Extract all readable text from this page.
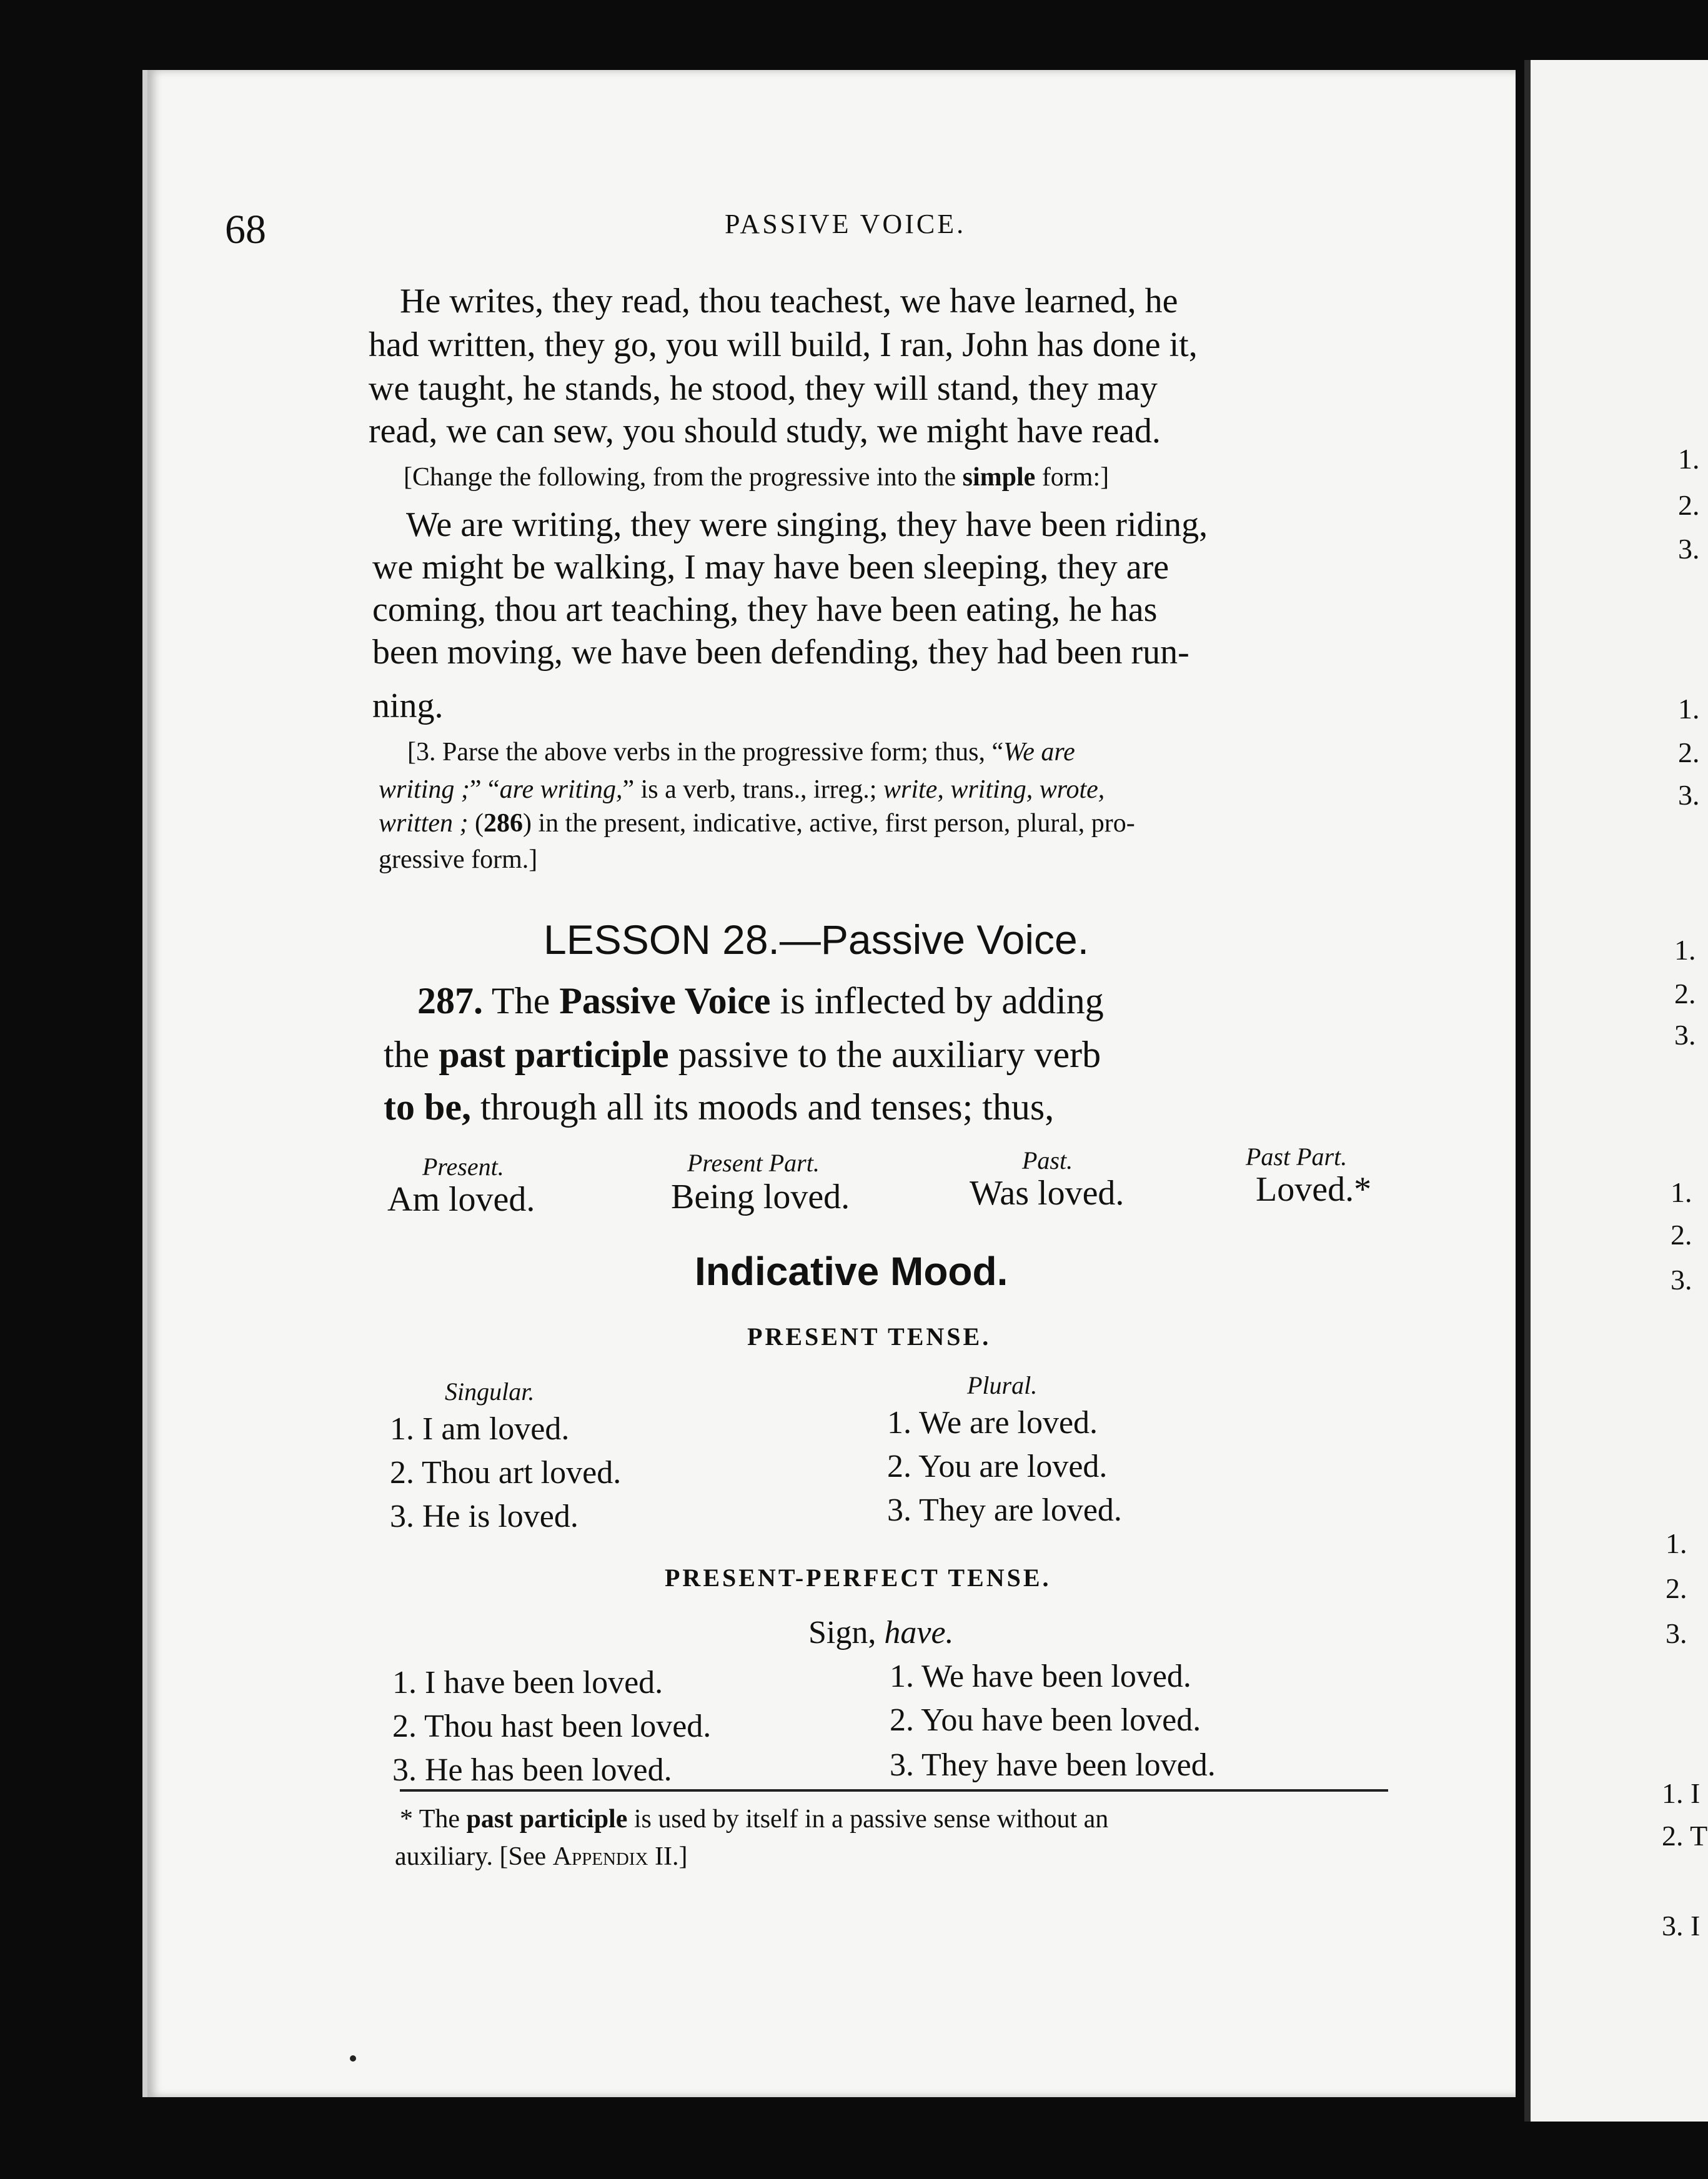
1.
2.
3.
1.
2.
3.
1.
2.
3.
1.
2.
3.
1.
2.
3.
1. I
2. T
3. I
68	PASSIVE VOICE.
He writes, they read, thou teachest, we have learned, he
had written, they go, you will build, I ran, John has done it,
we taught, he stands, he stood, they will stand, they may
read, we can sew, you should study, we might have read.
[Change the following, from the progressive into the simple form:]
We are writing, they were singing, they have been riding,
we might be walking, I may have been sleeping, they are
coming, thou art teaching, they have been eating, he has
been moving, we have been defending, they had been run-
ning.
[3. Parse the above verbs in the progressive form; thus, “We are
writing ;” “are writing,” is a verb, trans., irreg.; write, writing, wrote,
written ; (286) in the present, indicative, active, first person, plural, pro-
gressive form.]
LESSON 28.—Passive Voice.
287. The Passive Voice is inflected by adding
the past participle passive to the auxiliary verb
to be, through all its moods and tenses; thus,
Present.
Am loved.
Present Part.
Being loved.
Past.
Was loved.
Past Part.
Loved.*
Indicative Mood.
PRESENT TENSE.
Singular.	Plural.
1. I am loved.
2. Thou art loved.
3. He is loved.
1. We are loved.
2. You are loved.
3. They are loved.
PRESENT-PERFECT TENSE.
Sign, have.
1. I have been loved.
2. Thou hast been loved.
3. He has been loved.
1. We have been loved.
2. You have been loved.
3. They have been loved.
* The past participle is used by itself in a passive sense without an
auxiliary. [See Appendix II.]
